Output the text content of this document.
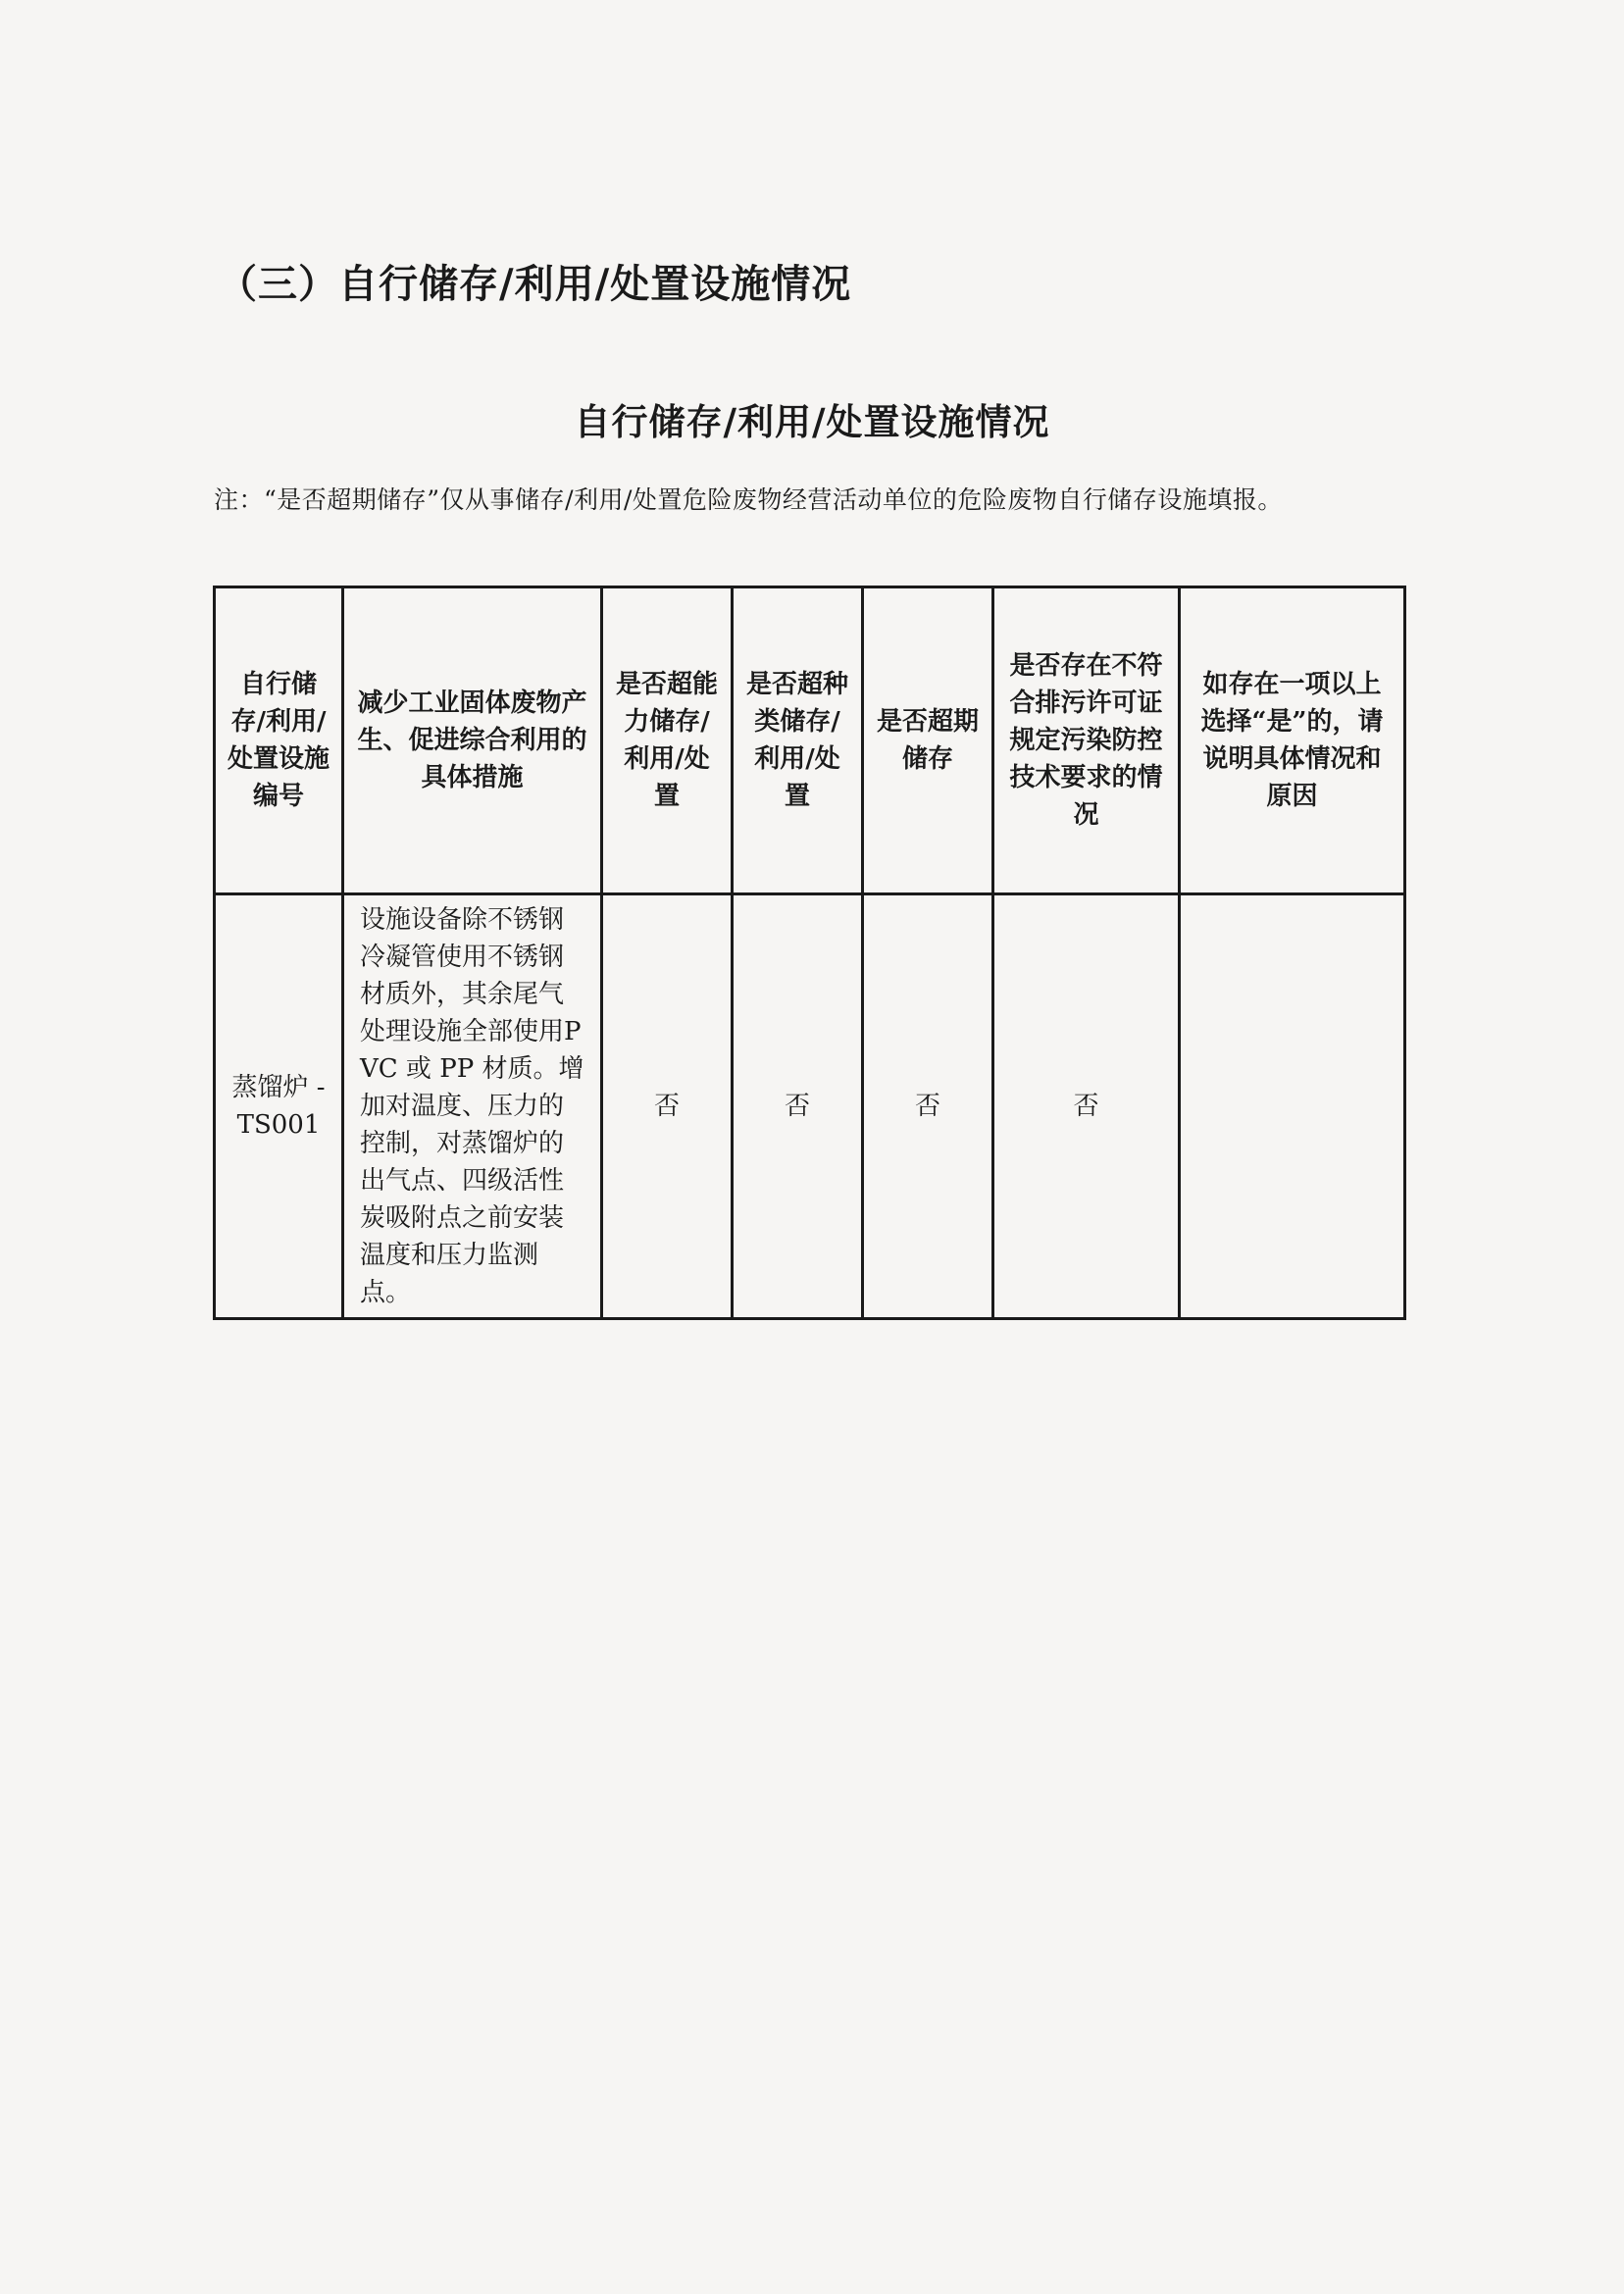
（三）自行储存/利用/处置设施情况
自行储存/利用/处置设施情况
注：“是否超期储存”仅从事储存/利用/处置危险废物经营活动单位的危险废物自行储存设施填报。
自行储存/利用/处置设施编号	减少工业固体废物产生、促进综合利用的具体措施	是否超能力储存/利用/处置	是否超种类储存/利用/处置	是否超期储存	是否存在不符合排污许可证规定污染防控技术要求的情况	如存在一项以上选择“是”的，请说明具体情况和原因
蒸馏炉 -TS001	设施设备除不锈钢冷凝管使用不锈钢材质外，其余尾气处理设施全部使用PVC 或 PP 材质。增加对温度、压力的控制，对蒸馏炉的出气点、四级活性炭吸附点之前安装温度和压力监测点。	否	否	否	否	
